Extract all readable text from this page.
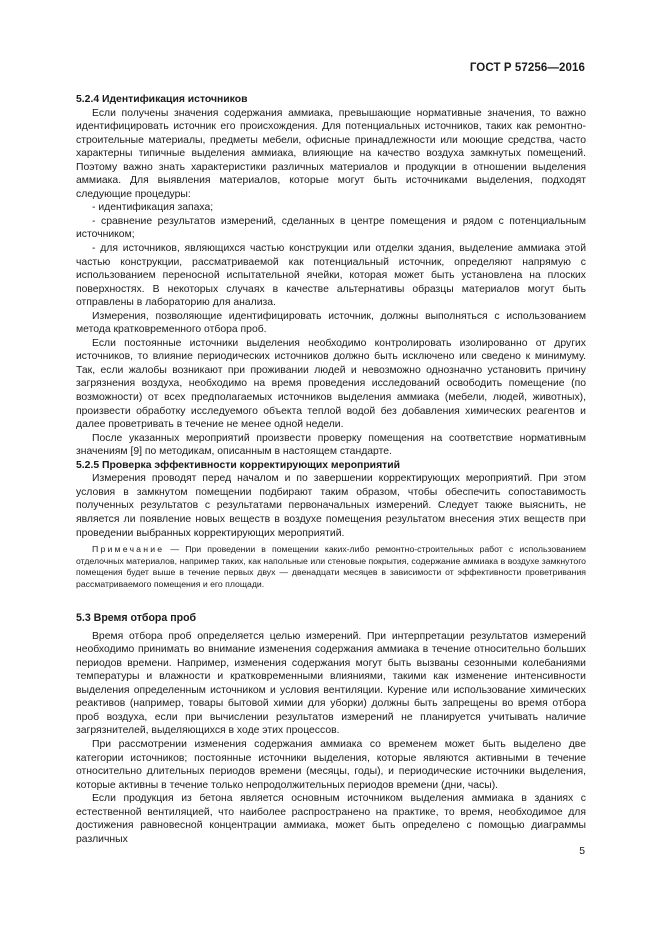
ГОСТ Р 57256—2016

5.2.4 Идентификация источников

Если получены значения содержания аммиака, превышающие нормативные значения, то важно идентифицировать источник его происхождения. Для потенциальных источников, таких как ремонтно-строительные материалы, предметы мебели, офисные принадлежности или моющие средства, часто характерны типичные выделения аммиака, влияющие на качество воздуха замкнутых помещений. Поэтому важно знать характеристики различных материалов и продукции в отношении выделения аммиака. Для выявления материалов, которые могут быть источниками выделения, подходят следующие процедуры:

- идентификация запаха;

- сравнение результатов измерений, сделанных в центре помещения и рядом с потенциальным источником;

- для источников, являющихся частью конструкции или отделки здания, выделение аммиака этой частью конструкции, рассматриваемой как потенциальный источник, определяют напрямую с использованием переносной испытательной ячейки, которая может быть установлена на плоских поверхностях. В некоторых случаях в качестве альтернативы образцы материалов могут быть отправлены в лабораторию для анализа.

Измерения, позволяющие идентифицировать источник, должны выполняться с использованием метода кратковременного отбора проб.

Если постоянные источники выделения необходимо контролировать изолированно от других источников, то влияние периодических источников должно быть исключено или сведено к минимуму. Так, если жалобы возникают при проживании людей и невозможно однозначно установить причину загрязнения воздуха, необходимо на время проведения исследований освободить помещение (по возможности) от всех предполагаемых источников выделения аммиака (мебели, людей, животных), произвести обработку исследуемого объекта теплой водой без добавления химических реагентов и далее проветривать в течение не менее одной недели.

После указанных мероприятий произвести проверку помещения на соответствие нормативным значениям [9] по методикам, описанным в настоящем стандарте.

5.2.5 Проверка эффективности корректирующих мероприятий

Измерения проводят перед началом и по завершении корректирующих мероприятий. При этом условия в замкнутом помещении подбирают таким образом, чтобы обеспечить сопоставимость полученных результатов с результатами первоначальных измерений. Следует также выяснить, не является ли появление новых веществ в воздухе помещения результатом внесения этих веществ при проведении выбранных корректирующих мероприятий.

Примечание — При проведении в помещении каких-либо ремонтно-строительных работ с использованием отделочных материалов, например таких, как напольные или стеновые покрытия, содержание аммиака в воздухе замкнутого помещения будет выше в течение первых двух — двенадцати месяцев в зависимости от эффективности проветривания рассматриваемого помещения и его площади.

5.3 Время отбора проб

Время отбора проб определяется целью измерений. При интерпретации результатов измерений необходимо принимать во внимание изменения содержания аммиака в течение относительно больших периодов времени. Например, изменения содержания могут быть вызваны сезонными колебаниями температуры и влажности и кратковременными влияниями, такими как изменение интенсивности выделения определенным источником и условия вентиляции. Курение или использование химических реактивов (например, товары бытовой химии для уборки) должны быть запрещены во время отбора проб воздуха, если при вычислении результатов измерений не планируется учитывать наличие загрязнителей, выделяющихся в ходе этих процессов.

При рассмотрении изменения содержания аммиака со временем может быть выделено две категории источников; постоянные источники выделения, которые являются активными в течение относительно длительных периодов времени (месяцы, годы), и периодические источники выделения, которые активны в течение только непродолжительных периодов времени (дни, часы).

Если продукция из бетона является основным источником выделения аммиака в зданиях с естественной вентиляцией, что наиболее распространено на практике, то время, необходимое для достижения равновесной концентрации аммиака, может быть определено с помощью диаграммы различных

5
